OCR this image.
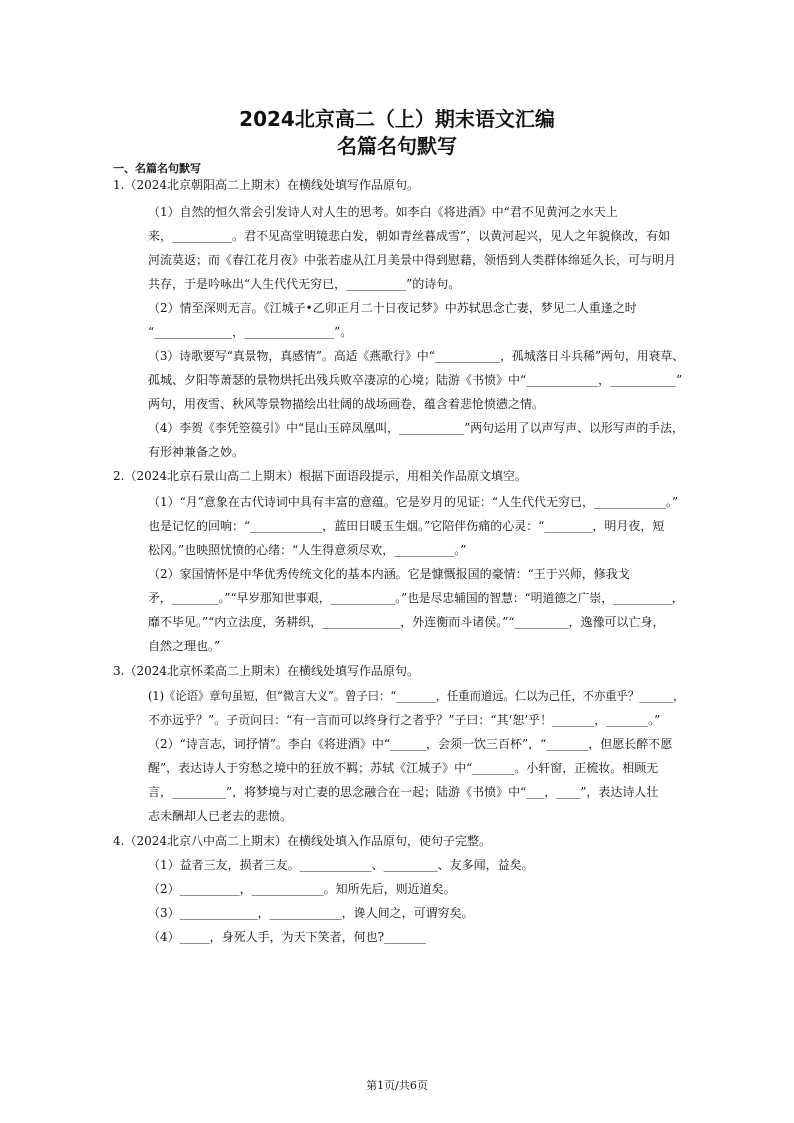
2024北京高二（上）期末语文汇编
名篇名句默写
一、名篇名句默写
1.（2024北京朝阳高二上期末）在横线处填写作品原句。
（1）自然的恒久常会引发诗人对人生的思考。如李白《将进酒》中“君不见黄河之水天上
来，__________。君不见高堂明镜悲白发，朝如青丝暮成雪”，以黄河起兴，见人之年貌倏改，有如
河流莫返；而《春江花月夜》中张若虚从江月美景中得到慰藉，领悟到人类群体绵延久长，可与明月
共存，于是吟咏出“人生代代无穷已，__________”的诗句。
（2）情至深则无言。《江城子•乙卯正月二十日夜记梦》中苏轼思念亡妻，梦见二人重逢之时
“_____________，_______________”。
（3）诗歌要写“真景物，真感情”。高适《燕歌行》中“___________，孤城落日斗兵稀”两句，用衰草、
孤城、夕阳等萧瑟的景物烘托出残兵败卒凄凉的心境；陆游《书愤》中“____________，___________”
两句，用夜雪、秋风等景物描绘出壮阔的战场画卷，蕴含着悲怆愤懑之情。
（4）李贺《李凭箜篌引》中“昆山玉碎凤凰叫，___________”两句运用了以声写声、以形写声的手法，
有形神兼备之妙。
2.（2024北京石景山高二上期末）根据下面语段提示，用相关作品原文填空。
（1）“月”意象在古代诗词中具有丰富的意蕴。它是岁月的见证：“人生代代无穷已，____________。”
也是记忆的回响：“____________，蓝田日暖玉生烟。”它陪伴伤痛的心灵：“________，明月夜，短
松冈。”也映照忧愤的心绪：“人生得意须尽欢，__________。”
（2）家国情怀是中华优秀传统文化的基本内涵。它是慷慨报国的豪情：“王于兴师，修我戈
矛，________。”“早岁那知世事艰，___________。”也是尽忠辅国的智慧：“明道德之广崇，__________，
靡不毕见。”“内立法度，务耕织，_____________，外连衡而斗诸侯。”“_________，逸豫可以亡身，
自然之理也。”
3.（2024北京怀柔高二上期末）在横线处填写作品原句。
(1)《论语》章句虽短，但“微言大义”。曾子曰：“_______，任重而道远。仁以为己任，不亦重乎？______，
不亦远乎？”。子贡问曰：“有一言而可以终身行之者乎？”子曰：“其‘恕’乎！_______，_______。”
（2）“诗言志，词抒情”。李白《将进酒》中“______，会须一饮三百杯”，“_______，但愿长醉不愿
醒”，表达诗人于穷愁之境中的狂放不羁；苏轼《江城子》中“_______。小轩窗，正梳妆。相顾无
言，_________”，将梦境与对亡妻的思念融合在一起；陆游《书愤》中“___，____”，表达诗人壮
志未酬却人已老去的悲愤。
4.（2024北京八中高二上期末）在横线处填入作品原句，使句子完整。
（1）益者三友，损者三友。____________、_________、友多闻，益矣。
（2）__________，____________。知所先后，则近道矣。
（3）_____________，____________，谗人间之，可谓穷矣。
（4）_____，身死人手，为天下笑者，何也?_______
第1页/共6页
